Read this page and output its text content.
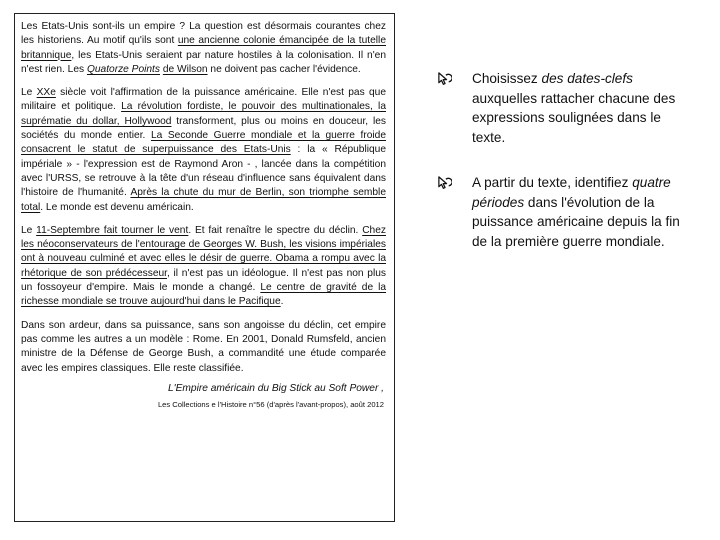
Les Etats-Unis sont-ils un empire ? La question est désormais courantes chez les historiens. Au motif qu'ils sont une ancienne colonie émancipée de la tutelle britannique, les Etats-Unis seraient par nature hostiles à la colonisation. Il n'en n'est rien. Les Quatorze Points de Wilson ne doivent pas cacher l'évidence.

Le XXe siècle voit l'affirmation de la puissance américaine. Elle n'est pas que militaire et politique. La révolution fordiste, le pouvoir des multinationales, la suprématie du dollar, Hollywood transforment, plus ou moins en douceur, les sociétés du monde entier. La Seconde Guerre mondiale et la guerre froide consacrent le statut de superpuissance des Etats-Unis : la « République impériale » - l'expression est de Raymond Aron - , lancée dans la compétition avec l'URSS, se retrouve à la tête d'un réseau d'influence sans équivalent dans l'histoire de l'humanité. Après la chute du mur de Berlin, son triomphe semble total. Le monde est devenu américain.

Le 11-Septembre fait tourner le vent. Et fait renaître le spectre du déclin. Chez les néoconservateurs de l'entourage de Georges W. Bush, les visions impériales ont à nouveau culminé et avec elles le désir de guerre. Obama a rompu avec la rhétorique de son prédécesseur, il n'est pas un idéologue. Il n'est pas non plus un fossoyeur d'empire. Mais le monde a changé. Le centre de gravité de la richesse mondiale se trouve aujourd'hui dans le Pacifique.

Dans son ardeur, dans sa puissance, sans son angoisse du déclin, cet empire pas comme les autres a un modèle : Rome. En 2001, Donald Rumsfeld, ancien ministre de la Défense de George Bush, a commandité une étude comparée avec les empires classiques. Elle reste classifiée.

L'Empire américain du Big Stick au Soft Power ,
Les Collections e l'Histoire n°56 (d'après l'avant-propos), août 2012
Choisissez des dates-clefs auxquelles rattacher chacune des expressions soulignées dans le texte.
A partir du texte, identifiez quatre périodes dans l'évolution de la puissance américaine depuis la fin de la première guerre mondiale.
